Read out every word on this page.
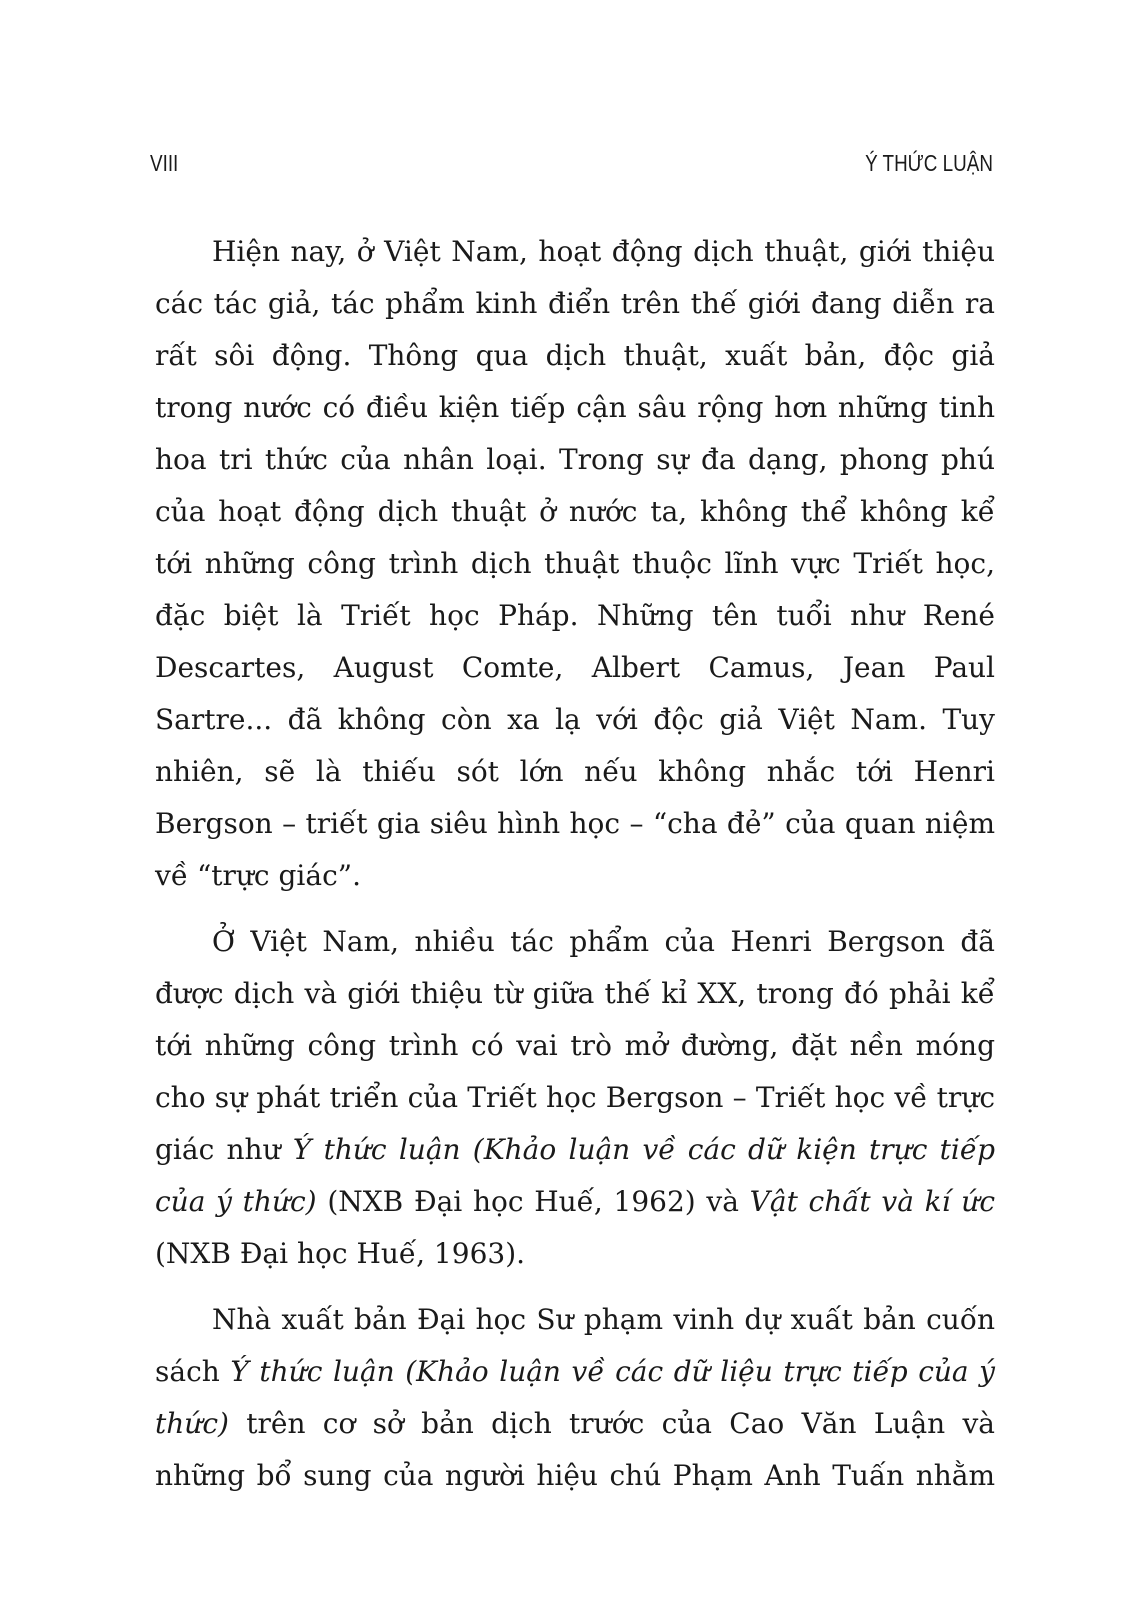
VIII	Ý THỨC LUẬN

Hiện nay, ở Việt Nam, hoạt động dịch thuật, giới thiệu các tác giả, tác phẩm kinh điển trên thế giới đang diễn ra rất sôi động. Thông qua dịch thuật, xuất bản, độc giả trong nước có điều kiện tiếp cận sâu rộng hơn những tinh hoa tri thức của nhân loại. Trong sự đa dạng, phong phú của hoạt động dịch thuật ở nước ta, không thể không kể tới những công trình dịch thuật thuộc lĩnh vực Triết học, đặc biệt là Triết học Pháp. Những tên tuổi như René Descartes, August Comte, Albert Camus, Jean Paul Sartre... đã không còn xa lạ với độc giả Việt Nam. Tuy nhiên, sẽ là thiếu sót lớn nếu không nhắc tới Henri Bergson – triết gia siêu hình học – “cha đẻ” của quan niệm về “trực giác”.

Ở Việt Nam, nhiều tác phẩm của Henri Bergson đã được dịch và giới thiệu từ giữa thế kỉ XX, trong đó phải kể tới những công trình có vai trò mở đường, đặt nền móng cho sự phát triển của Triết học Bergson – Triết học về trực giác như Ý thức luận (Khảo luận về các dữ kiện trực tiếp của ý thức) (NXB Đại học Huế, 1962) và Vật chất và kí ức (NXB Đại học Huế, 1963).

Nhà xuất bản Đại học Sư phạm vinh dự xuất bản cuốn sách Ý thức luận (Khảo luận về các dữ liệu trực tiếp của ý thức) trên cơ sở bản dịch trước của Cao Văn Luận và những bổ sung của người hiệu chú Phạm Anh Tuấn nhằm
